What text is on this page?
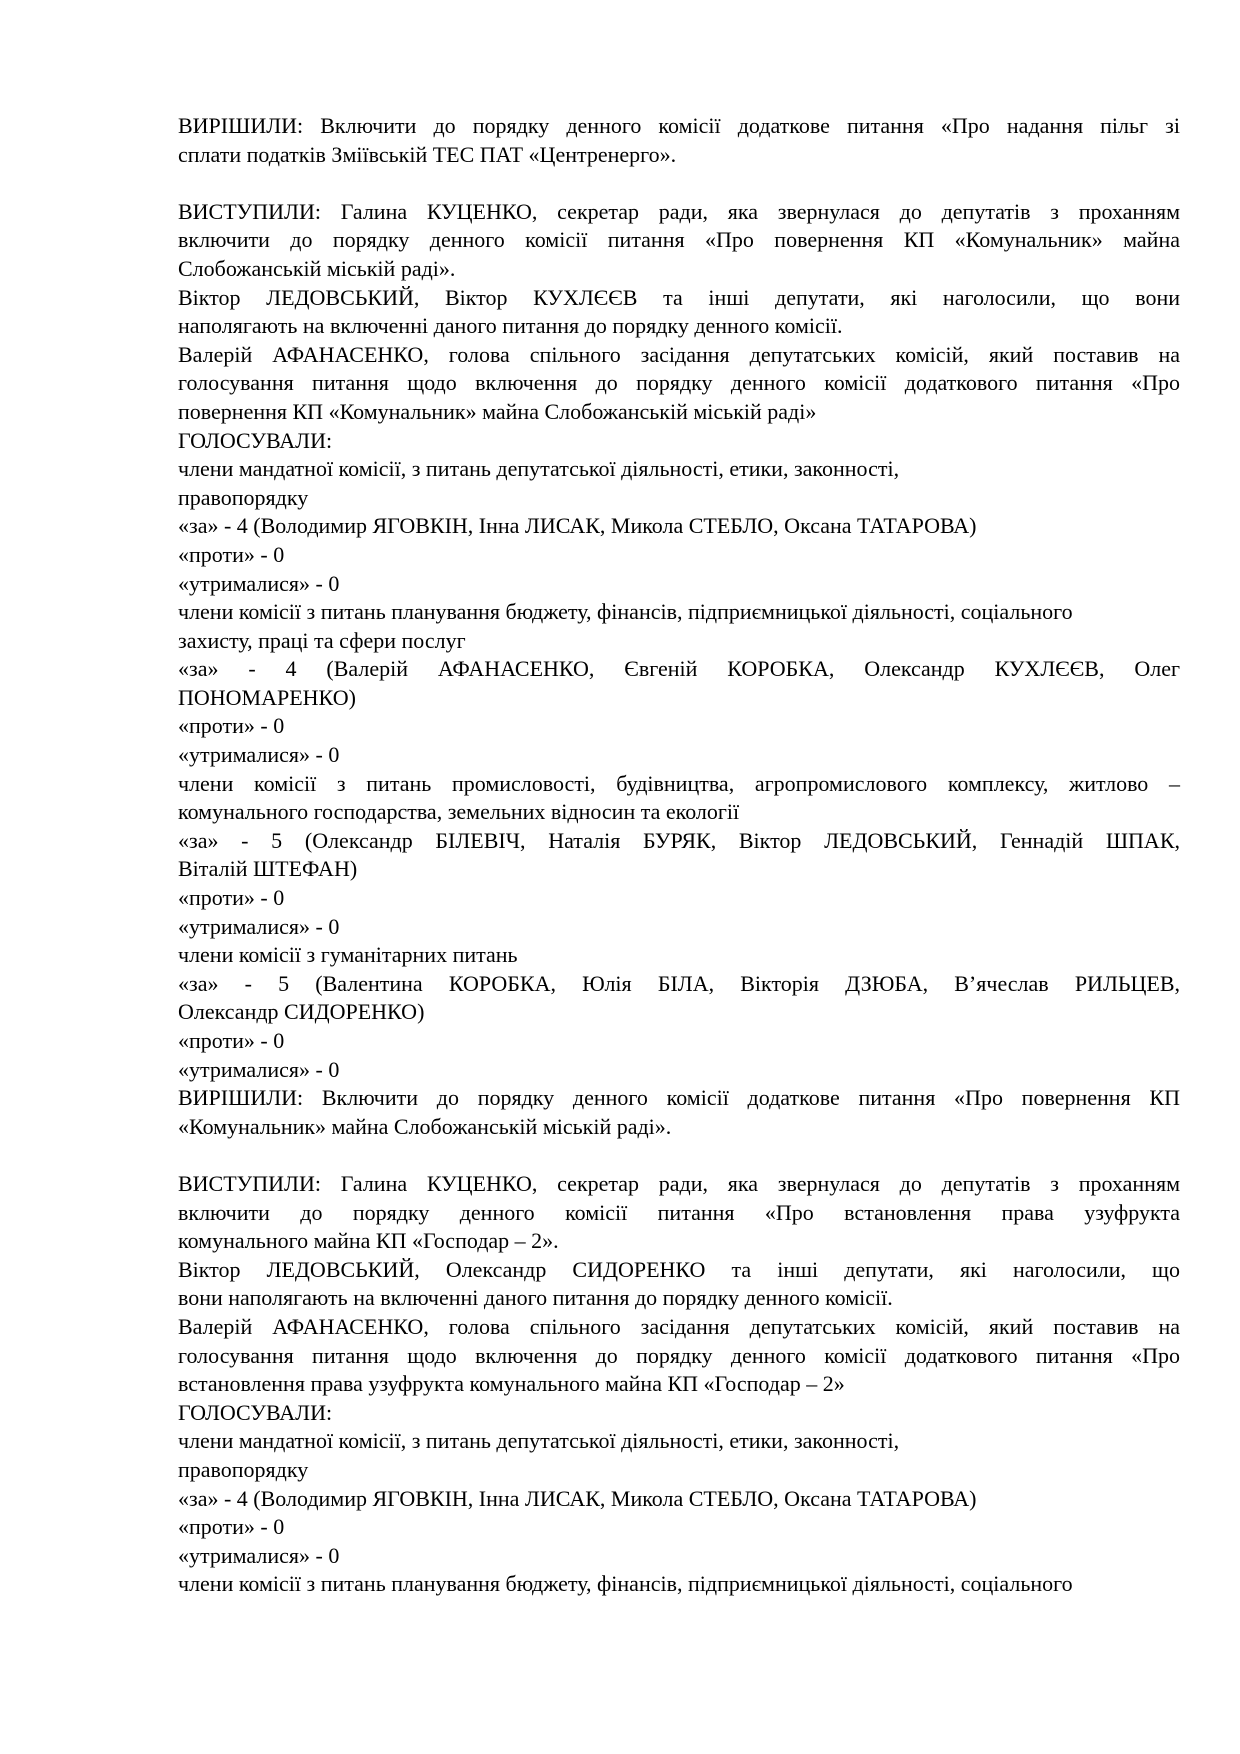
ВИРІШИЛИ: Включити до порядку денного комісії додаткове питання «Про надання пільг зі
сплати податків Зміївській ТЕС ПАТ «Центренерго».
ВИСТУПИЛИ: Галина КУЦЕНКО, секретар ради, яка звернулася до депутатів з проханням
включити до порядку денного комісії питання «Про повернення КП «Комунальник» майна
Слобожанській міській раді».
Віктор ЛЕДОВСЬКИЙ, Віктор КУХЛЄЄВ та інші депутати, які наголосили, що вони
наполягають на включенні даного питання до порядку денного комісії.
Валерій АФАНАСЕНКО, голова спільного засідання депутатських комісій, який поставив на
голосування питання щодо включення до порядку денного комісії додаткового питання «Про
повернення КП «Комунальник» майна Слобожанській міській раді»
ГОЛОСУВАЛИ:
члени мандатної комісії, з питань депутатської діяльності, етики, законності,
правопорядку
«за» - 4 (Володимир ЯГОВКІН, Інна ЛИСАК, Микола СТЕБЛО, Оксана ТАТАРОВА)
«проти» - 0
«утрималися» - 0
члени комісії з питань планування бюджету, фінансів, підприємницької діяльності, соціального
захисту, праці та сфери послуг
«за» - 4 (Валерій АФАНАСЕНКО, Євгеній КОРОБКА, Олександр КУХЛЄЄВ, Олег
ПОНОМАРЕНКО)
«проти» - 0
«утрималися» - 0
члени комісії з питань промисловості, будівництва, агропромислового комплексу, житлово –
комунального господарства, земельних відносин та екології
«за» - 5 (Олександр БІЛЕВІЧ, Наталія БУРЯК, Віктор ЛЕДОВСЬКИЙ, Геннадій ШПАК,
Віталій ШТЕФАН)
«проти» - 0
«утрималися» - 0
члени комісії з гуманітарних питань
«за» - 5 (Валентина КОРОБКА, Юлія БІЛА, Вікторія ДЗЮБА, В’ячеслав РИЛЬЦЕВ,
Олександр СИДОРЕНКО)
«проти» - 0
«утрималися» - 0
ВИРІШИЛИ: Включити до порядку денного комісії додаткове питання «Про повернення КП
«Комунальник» майна Слобожанській міській раді».
ВИСТУПИЛИ: Галина КУЦЕНКО, секретар ради, яка звернулася до депутатів з проханням
включити до порядку денного комісії питання «Про встановлення права узуфрукта
комунального майна КП «Господар – 2».
Віктор ЛЕДОВСЬКИЙ, Олександр СИДОРЕНКО та інші депутати, які наголосили, що
вони наполягають на включенні даного питання до порядку денного комісії.
Валерій АФАНАСЕНКО, голова спільного засідання депутатських комісій, який поставив на
голосування питання щодо включення до порядку денного комісії додаткового питання «Про
встановлення права узуфрукта комунального майна КП «Господар – 2»
ГОЛОСУВАЛИ:
члени мандатної комісії, з питань депутатської діяльності, етики, законності,
правопорядку
«за» - 4 (Володимир ЯГОВКІН, Інна ЛИСАК, Микола СТЕБЛО, Оксана ТАТАРОВА)
«проти» - 0
«утрималися» - 0
члени комісії з питань планування бюджету, фінансів, підприємницької діяльності, соціального
